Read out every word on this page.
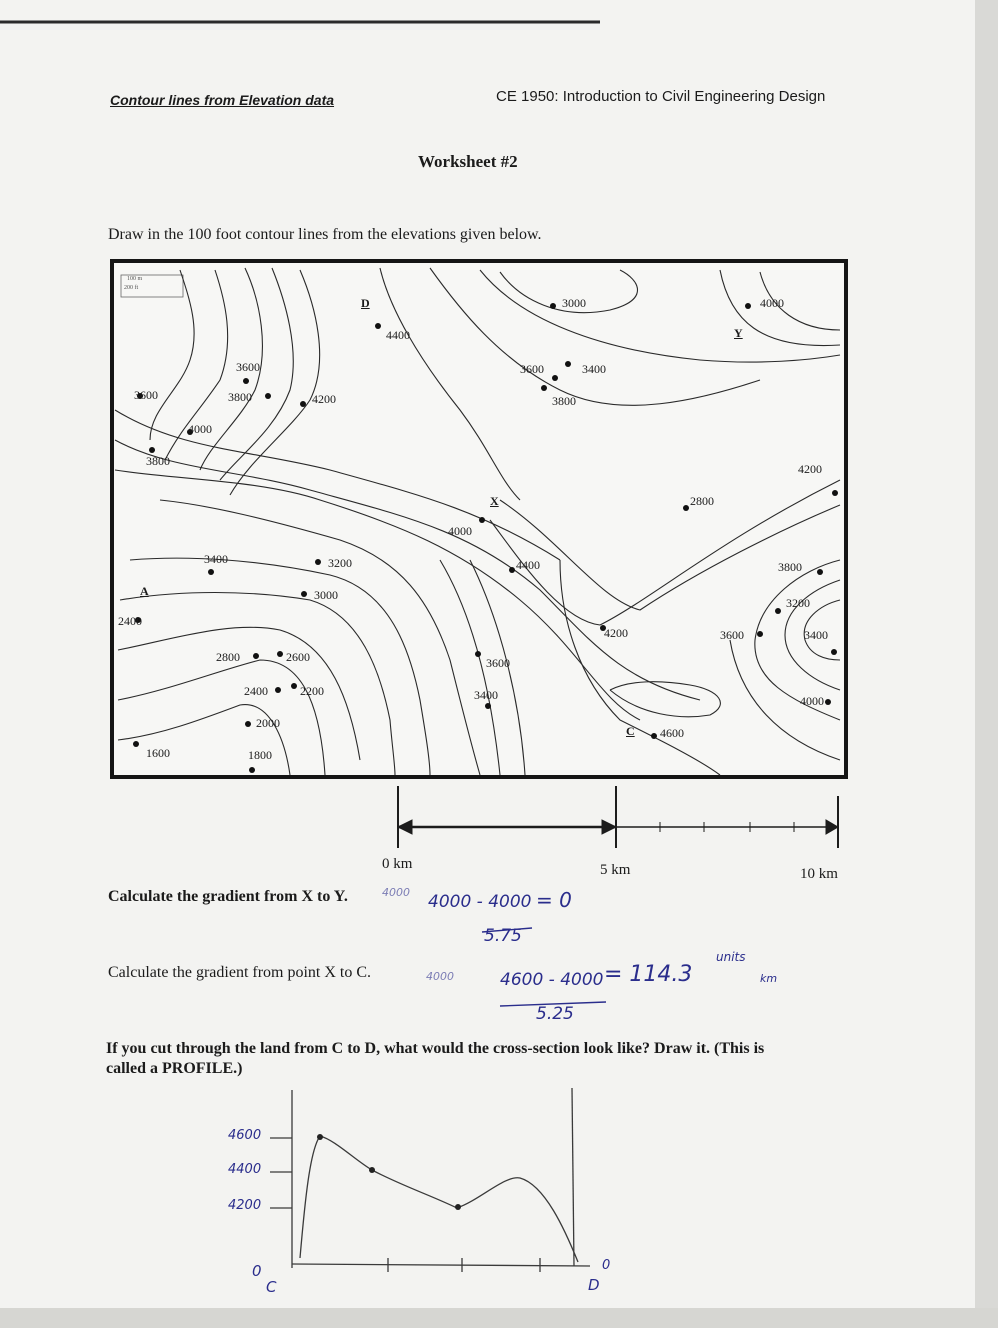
Contour lines from Elevation data	CE 1950: Introduction to Civil Engineering Design
Worksheet #2
Draw in the 100 foot contour lines from the elevations given below.
100 m
200 ft
D
X
Y
A
C
4400
3000	4000
3600	3400
3800
3600	3800
4200
3600
4000
3800
4200
2800
4000
3400	3200
3000
4400
2400
3800
3200
4200	3600	3400
2800	2600	3600
2400	2200	3400	4000
2000
4600
1600	1800
0 km	5 km	10 km
Calculate the gradient from X to Y.	4000 4000 - 4000 = 0
5.75
Calculate the gradient from point X to C.	4000	4600 - 4000 = 114.3
units
km
5.25
If you cut through the land from C to D, what would the cross-section look like? Draw it. (This is
called a PROFILE.)
4600
4400
4200
0
C	D
0
